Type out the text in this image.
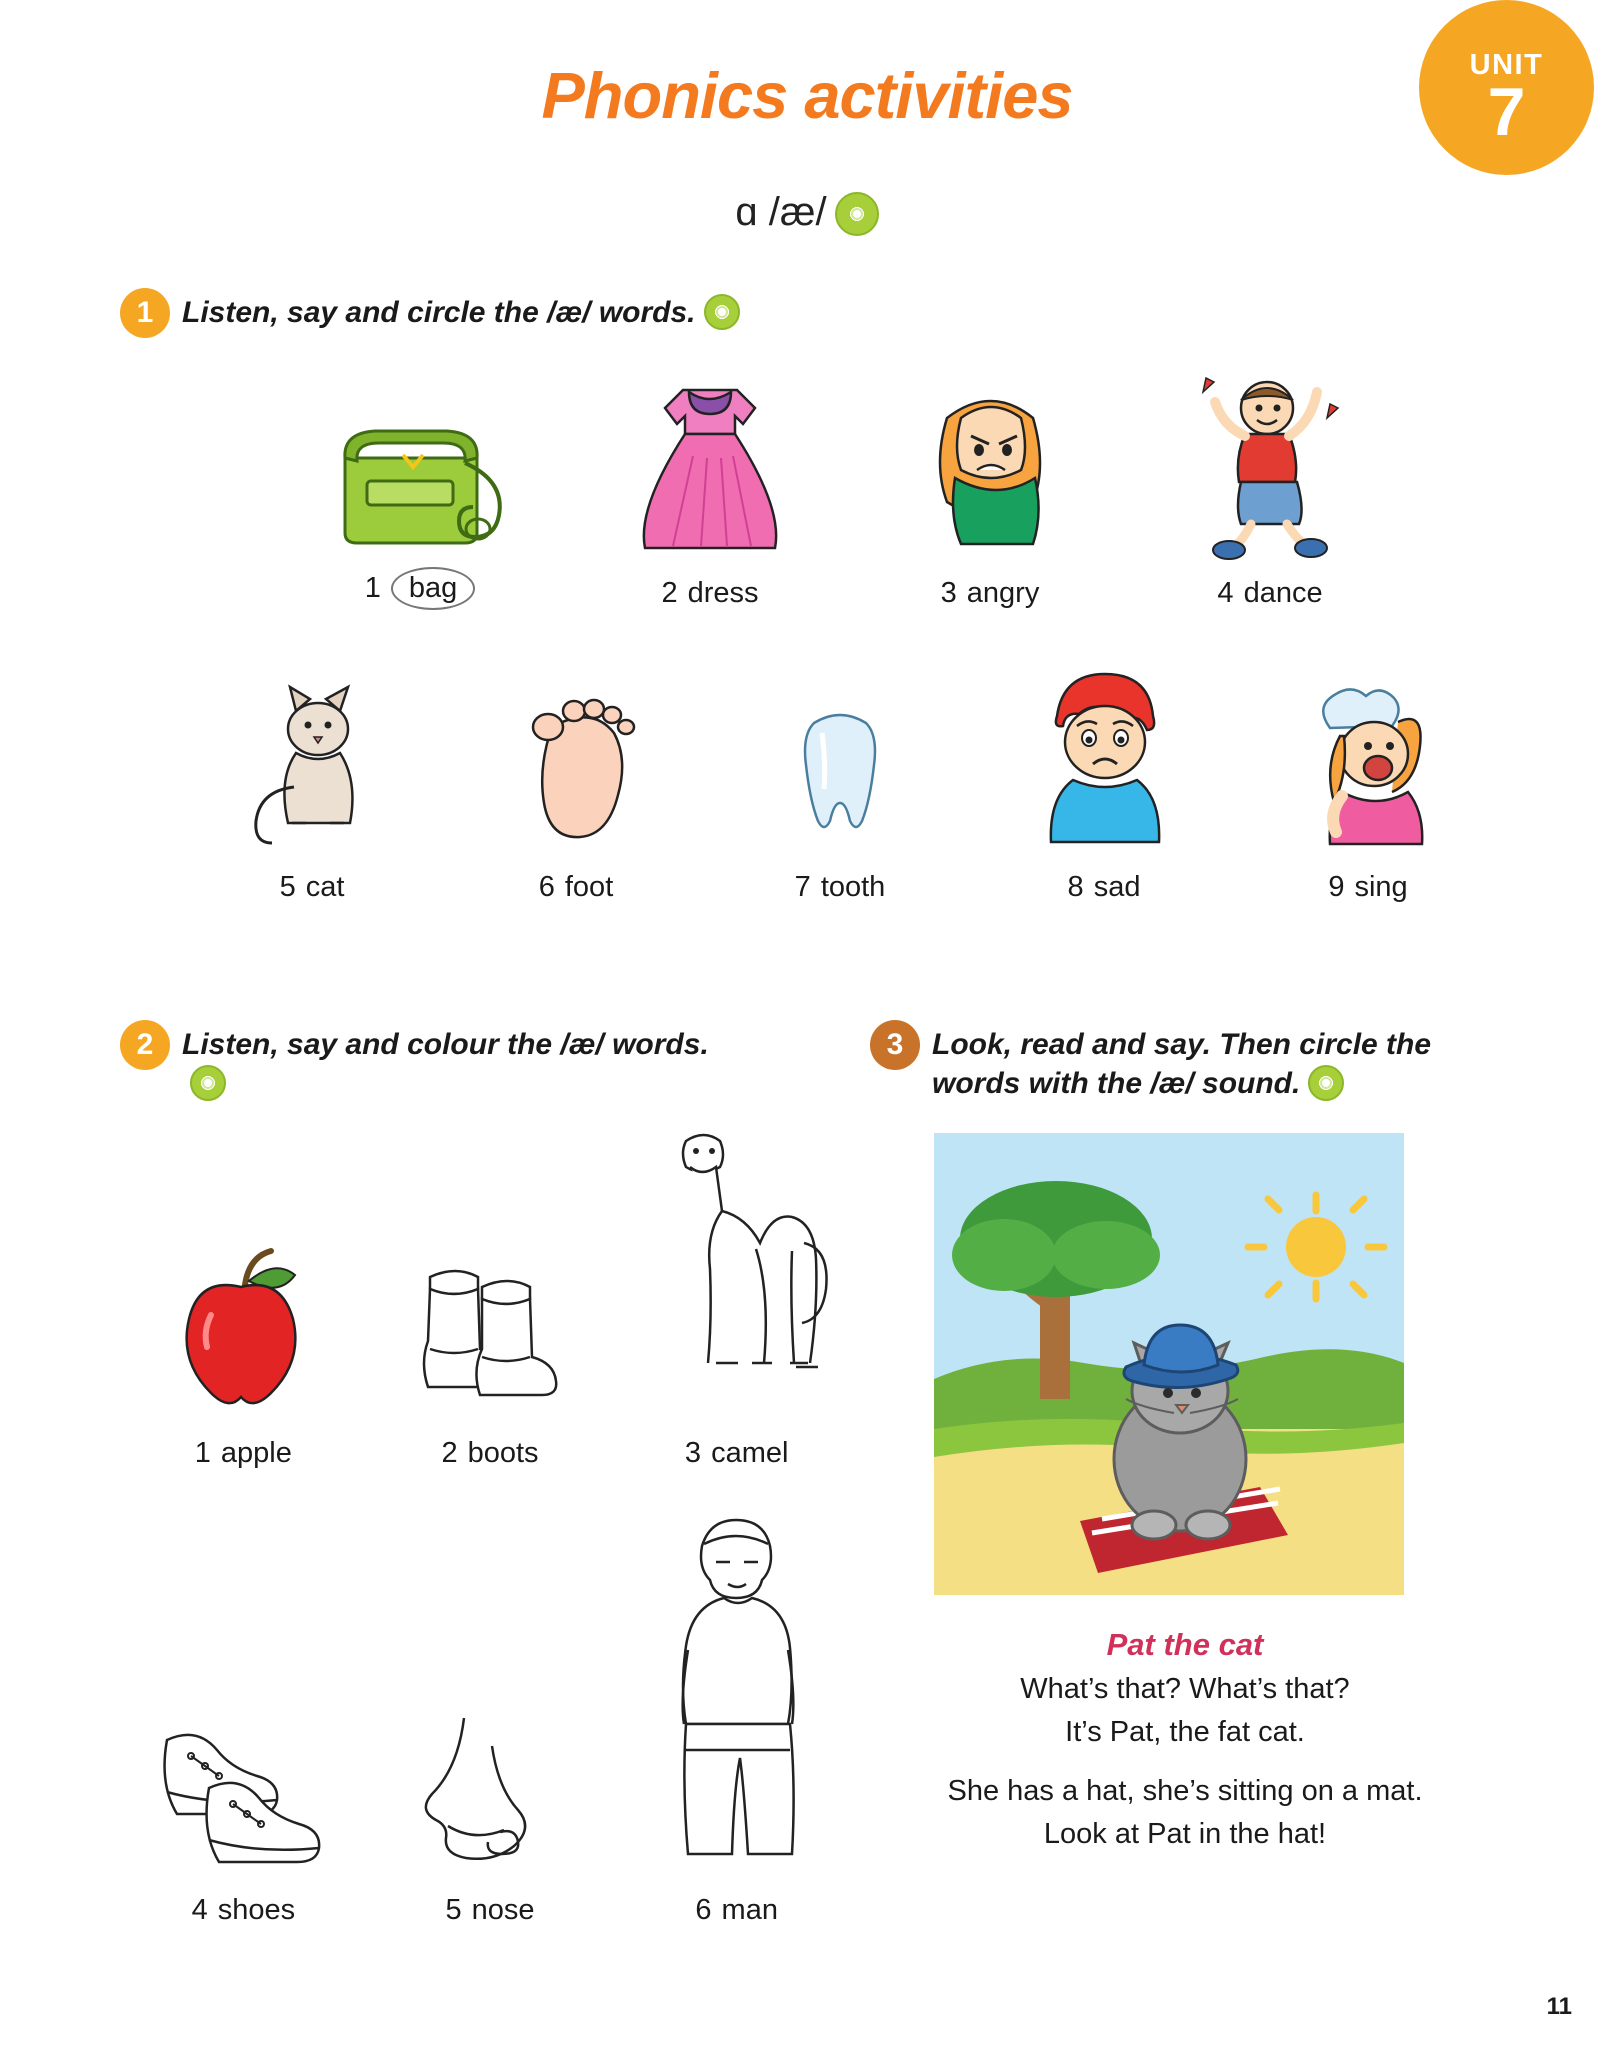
UNIT
7
Phonics activities
ɑ /æ/
1 Listen, say and circle the /æ/ words.
1 bag	2 dress	3 angry	4 dance
5 cat	6 foot	7 tooth	8 sad	9 sing
2 Listen, say and colour the /æ/ words.
1 apple	2 boots	3 camel
4 shoes	5 nose	6 man
3 Look, read and say. Then circle the words with the /æ/ sound.
Pat the cat
What’s that? What’s that?
It’s Pat, the fat cat.
She has a hat, she’s sitting on a mat.
Look at Pat in the hat!
11
